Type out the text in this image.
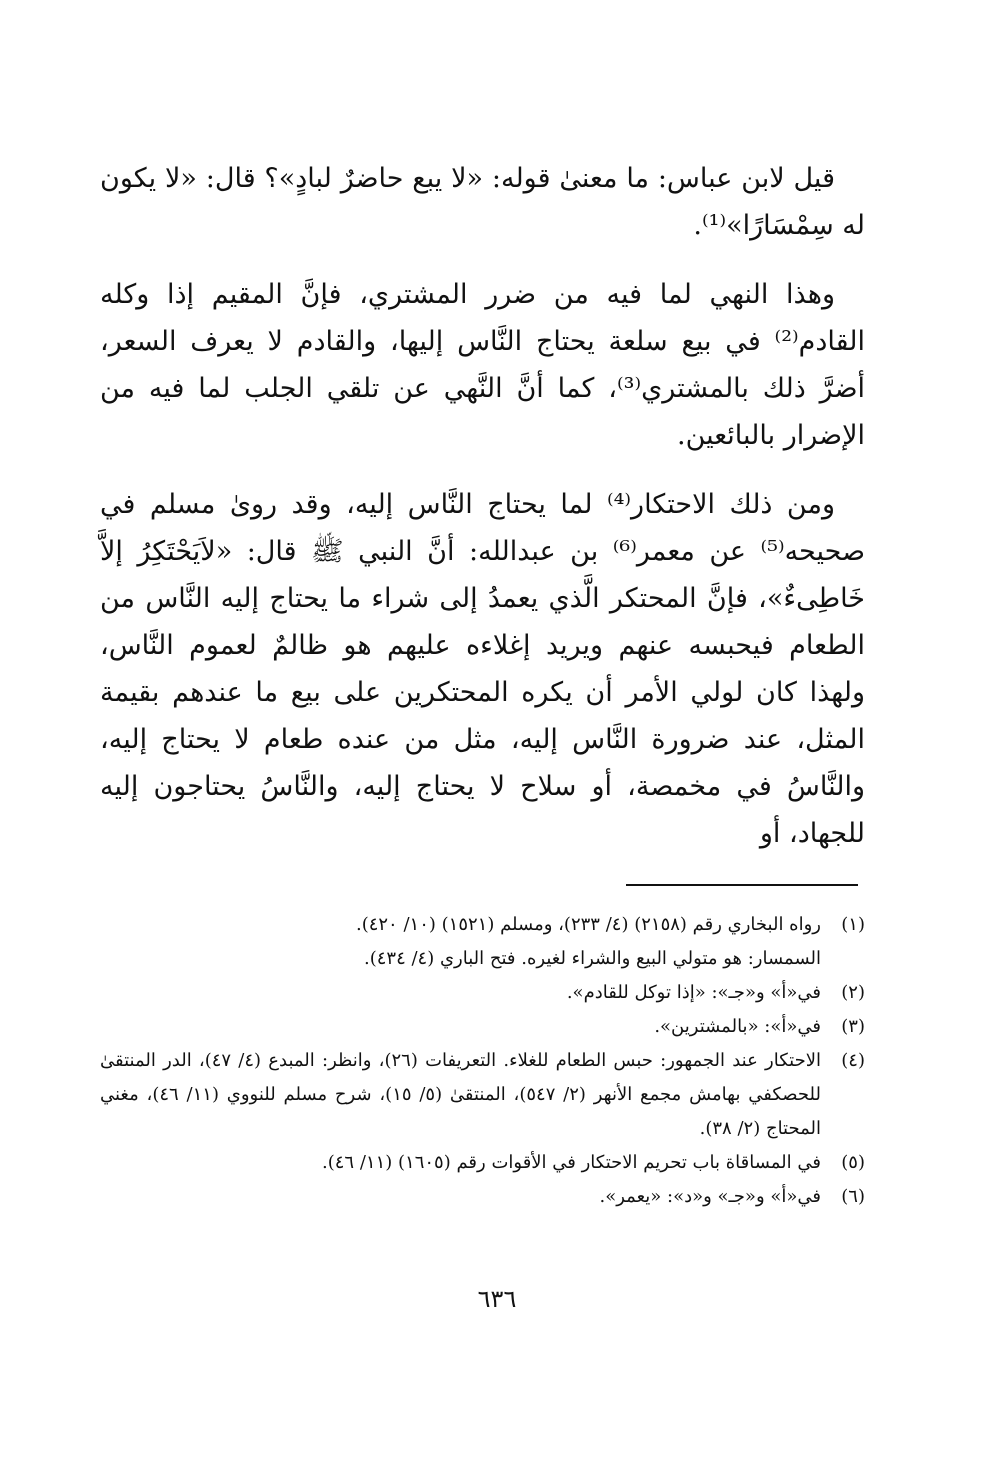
قيل لابن عباس: ما معنىٰ قوله: «لا يبع حاضرٌ لبادٍ»؟ قال: «لا يكون له سِمْسَارًا»⁽¹⁾.

وهذا النهي لما فيه من ضرر المشتري، فإنَّ المقيم إذا وكله القادم⁽²⁾ في بيع سلعة يحتاج النَّاس إليها، والقادم لا يعرف السعر، أضرَّ ذلك بالمشتري⁽³⁾، كما أنَّ النَّهي عن تلقي الجلب لما فيه من الإضرار بالبائعين.

ومن ذلك الاحتكار⁽⁴⁾ لما يحتاج النَّاس إليه، وقد روىٰ مسلم في صحيحه⁽⁵⁾ عن معمر⁽⁶⁾ بن عبدالله: أنَّ النبي ﷺ قال: «لاَيَحْتَكِرُ إلاَّ خَاطِىءٌ»، فإنَّ المحتكر الَّذي يعمدُ إلى شراء ما يحتاج إليه النَّاس من الطعام فيحبسه عنهم ويريد إغلاءه عليهم هو ظالمٌ لعموم النَّاس، ولهذا كان لولي الأمر أن يكره المحتكرين على بيع ما عندهم بقيمة المثل، عند ضرورة النَّاس إليه، مثل من عنده طعام لا يحتاج إليه، والنَّاسُ في مخمصة، أو سلاح لا يحتاج إليه، والنَّاسُ يحتاجون إليه للجهاد، أو

(١)
رواه البخاري رقم (٢١٥٨) (٤/ ٢٣٣)، ومسلم (١٥٢١) (١٠/ ٤٢٠).
السمسار: هو متولي البيع والشراء لغيره. فتح الباري (٤/ ٤٣٤).
(٢)
في«أ» و«جـ»: «إذا توكل للقادم».
(٣)
في«أ»: «بالمشترين».
(٤)
الاحتكار عند الجمهور: حبس الطعام للغلاء. التعريفات (٢٦)، وانظر: المبدع (٤/ ٤٧)، الدر المنتقىٰ للحصكفي بهامش مجمع الأنهر (٢/ ٥٤٧)، المنتقىٰ (٥/ ١٥)، شرح مسلم للنووي (١١/ ٤٦)، مغني المحتاج (٢/ ٣٨).
(٥)
في المساقاة باب تحريم الاحتكار في الأقوات رقم (١٦٠٥) (١١/ ٤٦).
(٦)
في«أ» و«جـ» و«د»: «يعمر».
٦٣٦
